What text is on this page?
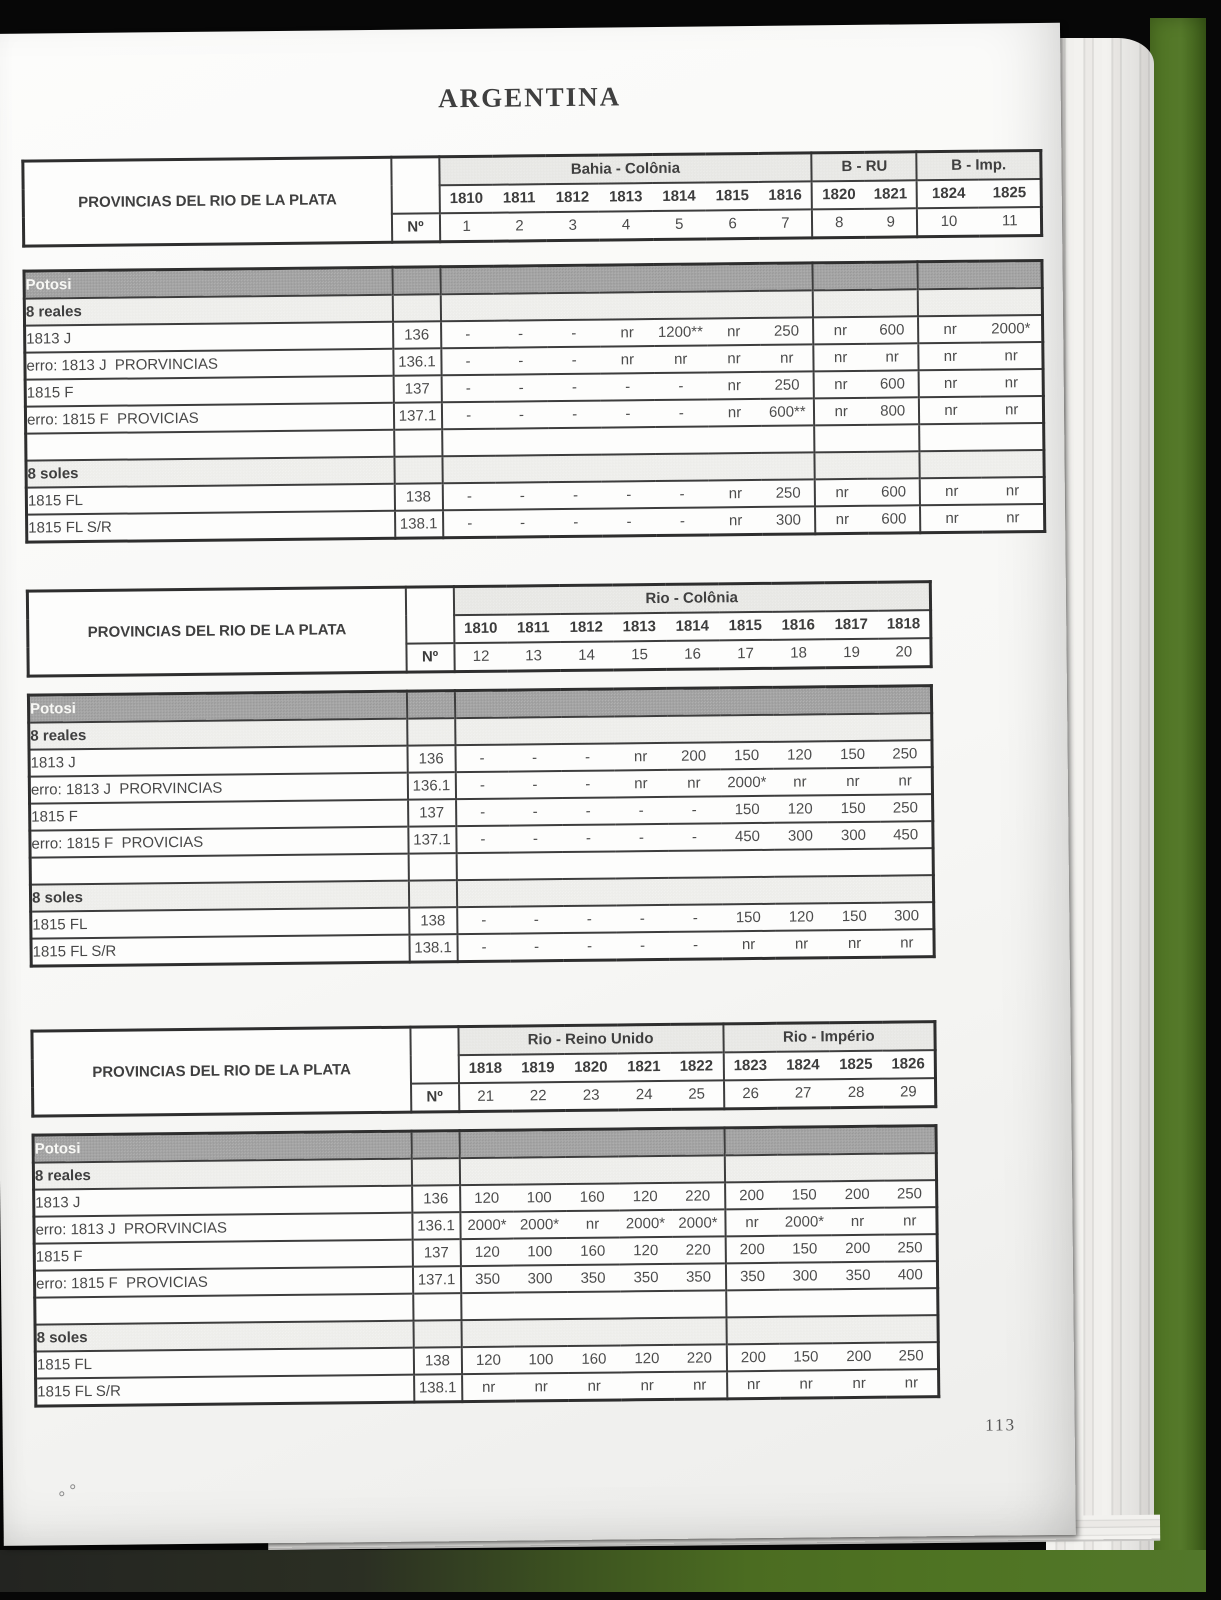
ARGENTINA
PROVINCIAS DEL RIO DE LA PLATA		Bahia - Colônia							B - RU		B - Imp.	
		1810	1811	1812	1813	1814	1815	1816	1820	1821	1824	1825
	Nº	1	2	3	4	5	6	7	8	9	10	11
Potosi												
8 reales												
1813 J	136	-	-	-	nr	1200**	nr	250	nr	600	nr	2000*
erro: 1813 J  PRORVINCIAS	136.1	-	-	-	nr	nr	nr	nr	nr	nr	nr	nr
1815 F	137	-	-	-	-	-	nr	250	nr	600	nr	nr
erro: 1815 F  PROVICIAS	137.1	-	-	-	-	-	nr	600**	nr	800	nr	nr

8 soles												
1815 FL	138	-	-	-	-	-	nr	250	nr	600	nr	nr
1815 FL S/R	138.1	-	-	-	-	-	nr	300	nr	600	nr	nr
PROVINCIAS DEL RIO DE LA PLATA		Rio - Colônia								
		1810	1811	1812	1813	1814	1815	1816	1817	1818
	Nº	12	13	14	15	16	17	18	19	20
Potosi										
8 reales										
1813 J	136	-	-	-	nr	200	150	120	150	250
erro: 1813 J  PRORVINCIAS	136.1	-	-	-	nr	nr	2000*	nr	nr	nr
1815 F	137	-	-	-	-	-	150	120	150	250
erro: 1815 F  PROVICIAS	137.1	-	-	-	-	-	450	300	300	450

8 soles										
1815 FL	138	-	-	-	-	-	150	120	150	300
1815 FL S/R	138.1	-	-	-	-	-	nr	nr	nr	nr
PROVINCIAS DEL RIO DE LA PLATA		Rio - Reino Unido					Rio - Império			
		1818	1819	1820	1821	1822	1823	1824	1825	1826
	Nº	21	22	23	24	25	26	27	28	29
Potosi										
8 reales										
1813 J	136	120	100	160	120	220	200	150	200	250
erro: 1813 J  PRORVINCIAS	136.1	2000*	2000*	nr	2000*	2000*	nr	2000*	nr	nr
1815 F	137	120	100	160	120	220	200	150	200	250
erro: 1815 F  PROVICIAS	137.1	350	300	350	350	350	350	300	350	400

8 soles										
1815 FL	138	120	100	160	120	220	200	150	200	250
1815 FL S/R	138.1	nr	nr	nr	nr	nr	nr	nr	nr	nr
113
